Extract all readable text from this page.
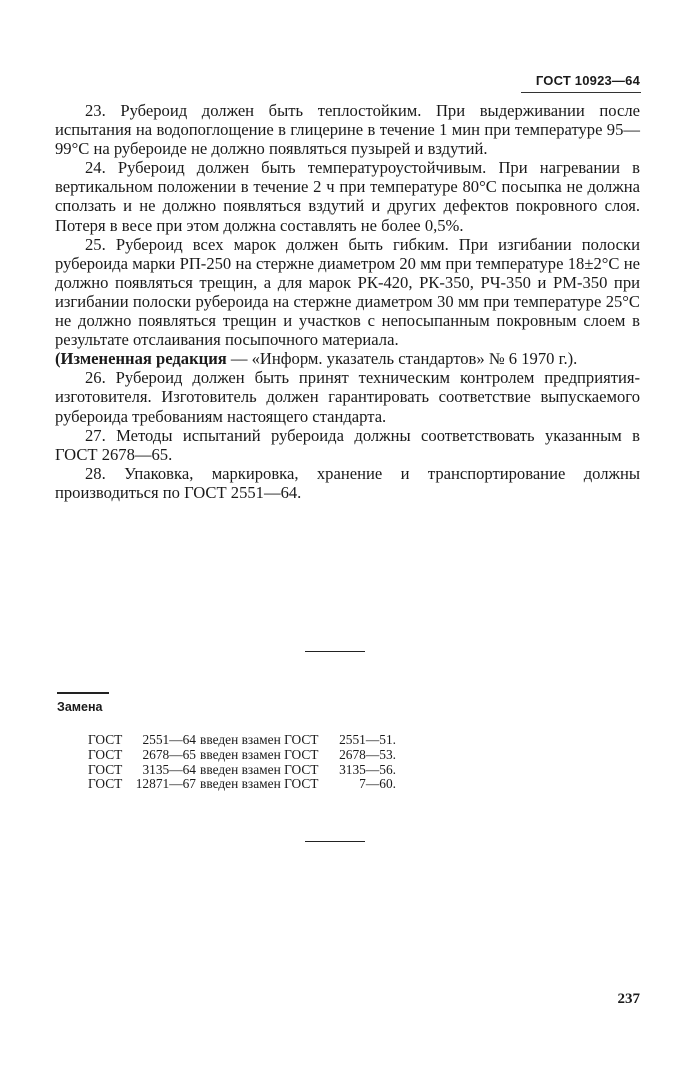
ГОСТ 10923—64

23. Рубероид должен быть теплостойким. При выдерживании после испытания на водопоглощение в глицерине в течение 1 мин при температуре 95—99°С на рубероиде не должно появляться пузырей и вздутий.

24. Рубероид должен быть температуроустойчивым. При нагревании в вертикальном положении в течение 2 ч при температуре 80°С посыпка не должна сползать и не должно появляться вздутий и других дефектов покровного слоя. Потеря в весе при этом должна составлять не более 0,5%.

25. Рубероид всех марок должен быть гибким. При изгибании полоски рубероида марки РП-250 на стержне диаметром 20 мм при температуре 18±2°С не должно появляться трещин, а для марок РК-420, РК-350, РЧ-350 и РМ-350 при изгибании полоски рубероида на стержне диаметром 30 мм при температуре 25°С не должно появляться трещин и участков с непосыпанным покровным слоем в результате отслаивания посыпочного материала.

(Измененная редакция — «Информ. указатель стандартов» № 6 1970 г.).

26. Рубероид должен быть принят техническим контролем предприятия-изготовителя. Изготовитель должен гарантировать соответствие выпускаемого рубероида требованиям настоящего стандарта.

27. Методы испытаний рубероида должны соответствовать указанным в ГОСТ 2678—65.

28. Упаковка, маркировка, хранение и транспортирование должны производиться по ГОСТ 2551—64.

Замена
ГОСТ	2551—64 введен взамен ГОСТ	2551—51.
ГОСТ	2678—65 введен взамен ГОСТ	2678—53.
ГОСТ	3135—64 введен взамен ГОСТ	3135—56.
ГОСТ 12871—67 введен взамен ГОСТ	7—60.
237
